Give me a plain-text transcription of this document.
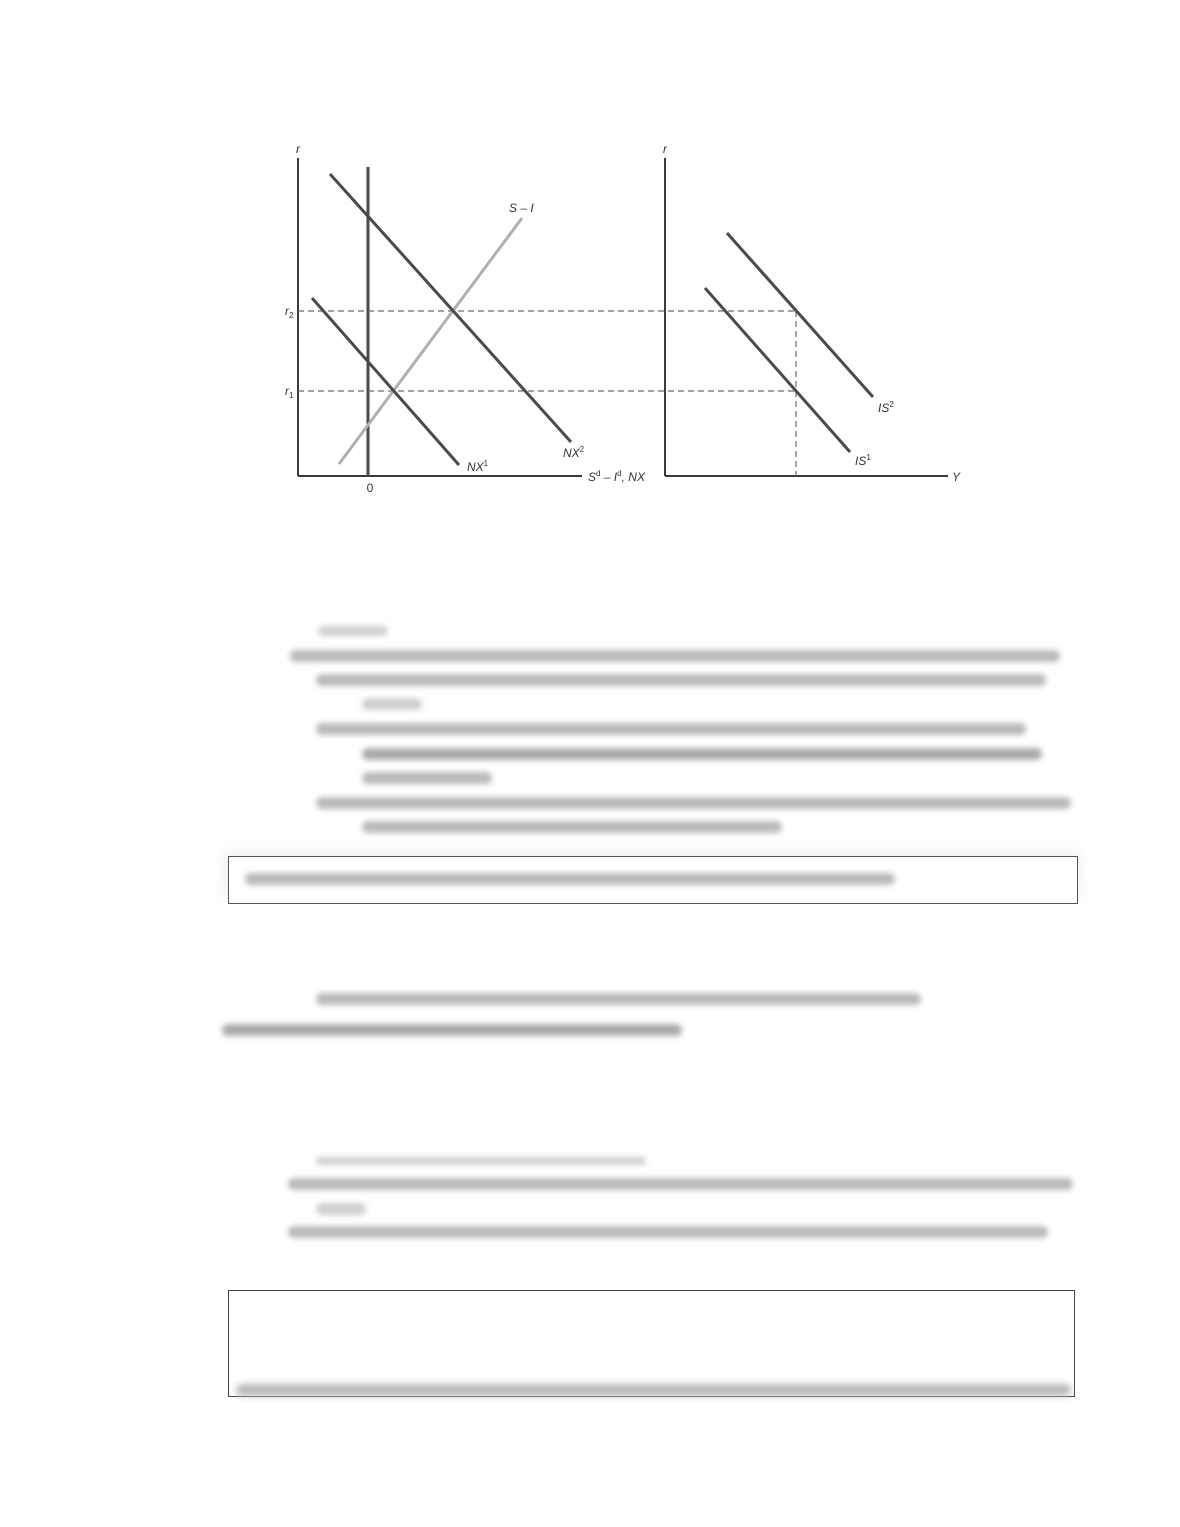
r
0
$r_2$
$r_1$
S – I
$NX^2$
$NX^1$
$S^d - I^d$, NX
r
Y
$IS^2$
$IS^1$
